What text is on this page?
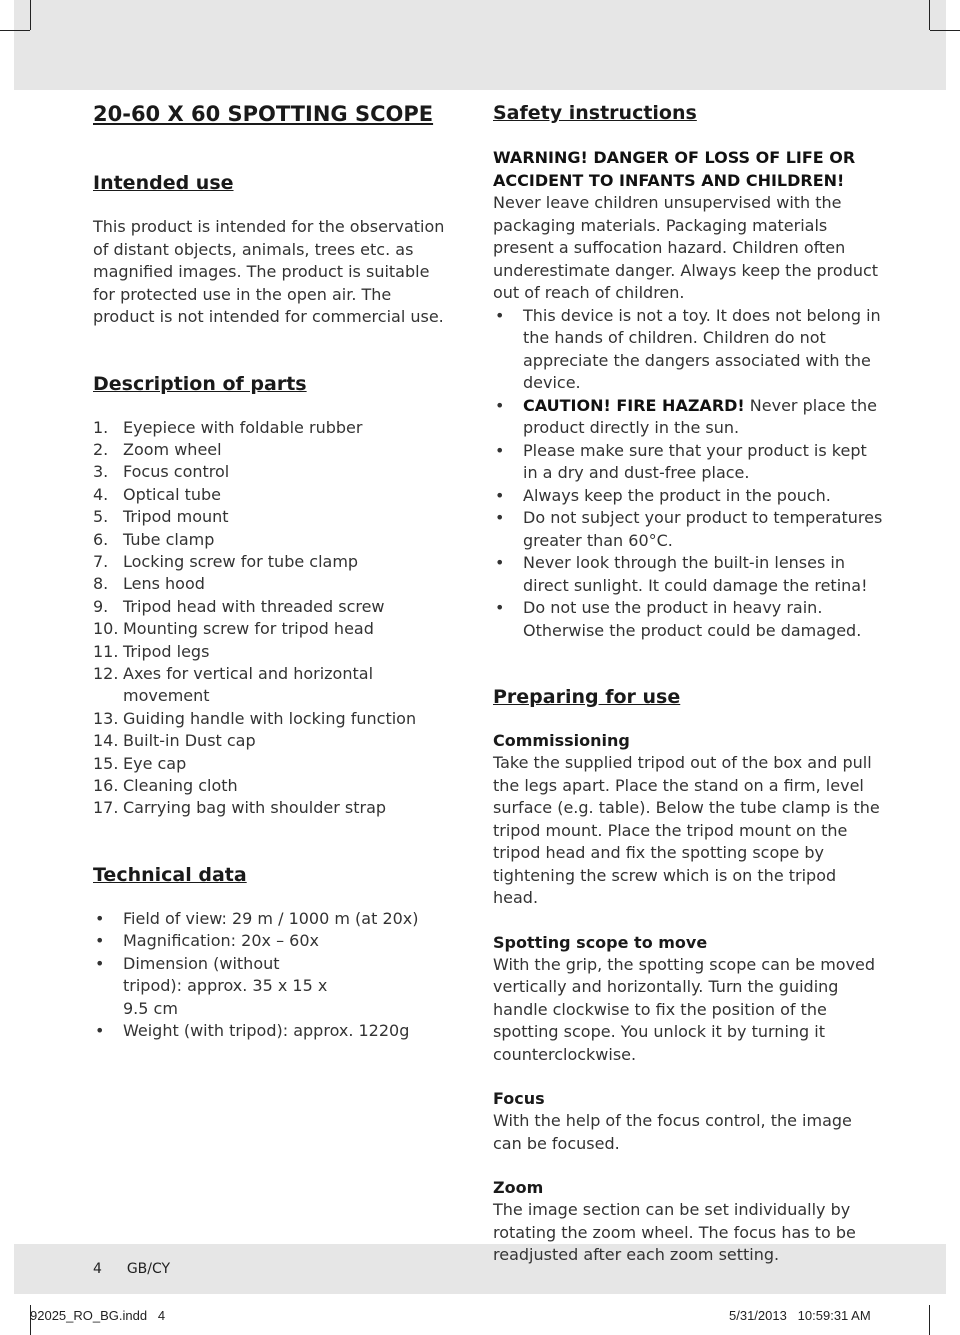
20-60 X 60 SPOTTING SCOPE
Intended use

This product is intended for the observation of distant objects, animals, trees etc. as magnified images. The product is suitable for protected use in the open air. The product is not intended for commercial use.

Description of parts
1. Eyepiece with foldable rubber
2. Zoom wheel
3. Focus control
4. Optical tube
5. Tripod mount
6. Tube clamp
7. Locking screw for tube clamp
8. Lens hood
9. Tripod head with threaded screw
10. Mounting screw for tripod head
11. Tripod legs
12. Axes for vertical and horizontal movement
13. Guiding handle with locking function
14. Built-in Dust cap
15. Eye cap
16. Cleaning cloth
17. Carrying bag with shoulder strap
Technical data
• Field of view: 29 m / 1000 m (at 20x)
• Magnification: 20x – 60x
• Dimension (without tripod): approx. 35 x 15 x 9.5 cm
• Weight (with tripod): approx. 1220g
Safety instructions

WARNING! DANGER OF LOSS OF LIFE OR ACCIDENT TO INFANTS AND CHILDREN!

Never leave children unsupervised with the packaging materials. Packaging materials present a suffocation hazard. Children often underestimate danger. Always keep the product out of reach of children.

• This device is not a toy. It does not belong in the hands of children. Children do not appreciate the dangers associated with the device.
• CAUTION! FIRE HAZARD! Never place the product directly in the sun.
• Please make sure that your product is kept in a dry and dust-free place.
• Always keep the product in the pouch.
• Do not subject your product to temperatures greater than 60°C.
• Never look through the built-in lenses in direct sunlight. It could damage the retina!
• Do not use the product in heavy rain. Otherwise the product could be damaged.
Preparing for use
Commissioning

Take the supplied tripod out of the box and pull the legs apart. Place the stand on a firm, level surface (e.g. table). Below the tube clamp is the tripod mount. Place the tripod mount on the tripod head and fix the spotting scope by tightening the screw which is on the tripod head.

Spotting scope to move

With the grip, the spotting scope can be moved vertically and horizontally. Turn the guiding handle clockwise to fix the position of the spotting scope. You unlock it by turning it counterclockwise.

Focus

With the help of the focus control, the image can be focused.

Zoom

The image section can be set individually by rotating the zoom wheel. The focus has to be readjusted after each zoom setting.

4 GB/CY
92025_RO_BG.indd   4	5/31/2013   10:59:31 AM
